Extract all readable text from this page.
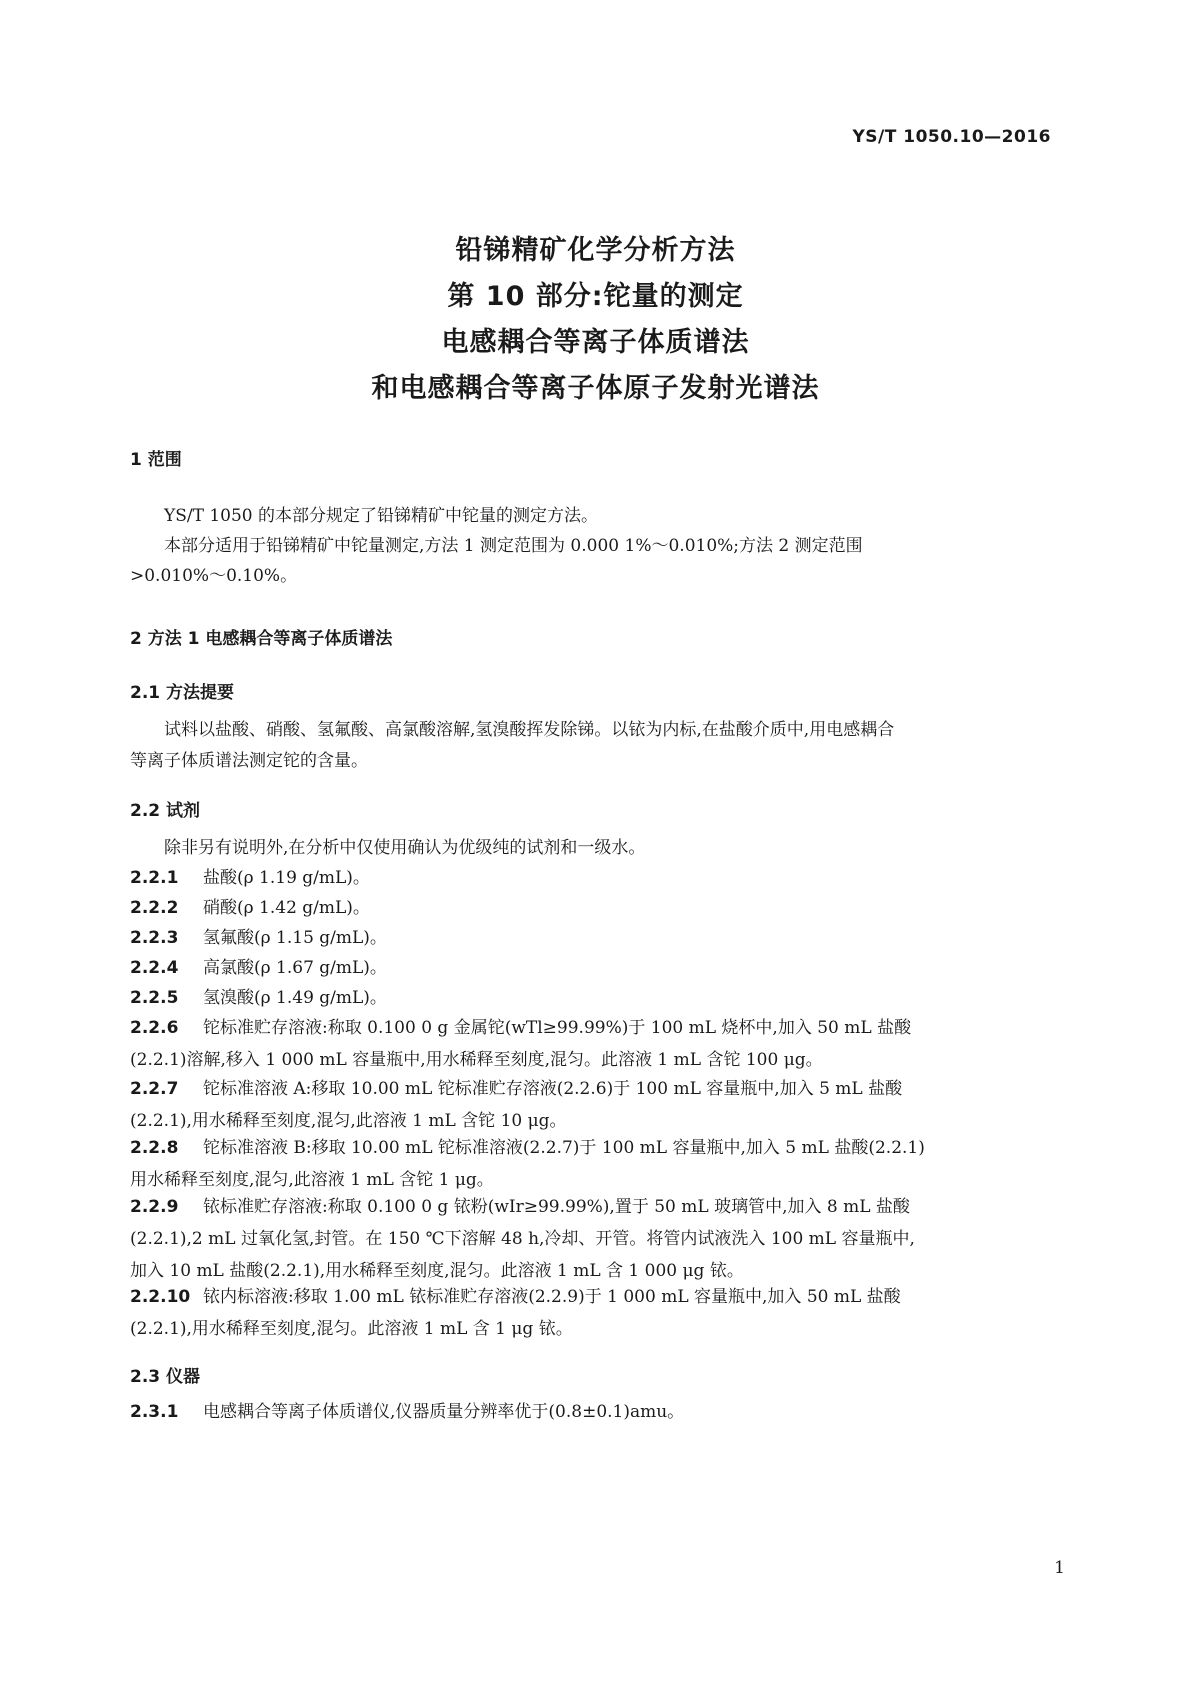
YS/T 1050.10—2016
铅锑精矿化学分析方法
第 10 部分:铊量的测定
电感耦合等离子体质谱法
和电感耦合等离子体原子发射光谱法
1 范围
YS/T 1050 的本部分规定了铅锑精矿中铊量的测定方法。
本部分适用于铅锑精矿中铊量测定,方法 1 测定范围为 0.000 1%～0.010%;方法 2 测定范围
>0.010%～0.10%。
2 方法 1 电感耦合等离子体质谱法
2.1 方法提要
试料以盐酸、硝酸、氢氟酸、高氯酸溶解,氢溴酸挥发除锑。以铱为内标,在盐酸介质中,用电感耦合
等离子体质谱法测定铊的含量。
2.2 试剂
除非另有说明外,在分析中仅使用确认为优级纯的试剂和一级水。
2.2.1 盐酸(ρ 1.19 g/mL)。
2.2.2 硝酸(ρ 1.42 g/mL)。
2.2.3 氢氟酸(ρ 1.15 g/mL)。
2.2.4 高氯酸(ρ 1.67 g/mL)。
2.2.5 氢溴酸(ρ 1.49 g/mL)。
2.2.6 铊标准贮存溶液:称取 0.100 0 g 金属铊(wTl≥99.99%)于 100 mL 烧杯中,加入 50 mL 盐酸
(2.2.1)溶解,移入 1 000 mL 容量瓶中,用水稀释至刻度,混匀。此溶液 1 mL 含铊 100 μg。
2.2.7 铊标准溶液 A:移取 10.00 mL 铊标准贮存溶液(2.2.6)于 100 mL 容量瓶中,加入 5 mL 盐酸
(2.2.1),用水稀释至刻度,混匀,此溶液 1 mL 含铊 10 μg。
2.2.8 铊标准溶液 B:移取 10.00 mL 铊标准溶液(2.2.7)于 100 mL 容量瓶中,加入 5 mL 盐酸(2.2.1)
用水稀释至刻度,混匀,此溶液 1 mL 含铊 1 μg。
2.2.9 铱标准贮存溶液:称取 0.100 0 g 铱粉(wIr≥99.99%),置于 50 mL 玻璃管中,加入 8 mL 盐酸
(2.2.1),2 mL 过氧化氢,封管。在 150 ℃下溶解 48 h,冷却、开管。将管内试液洗入 100 mL 容量瓶中,
加入 10 mL 盐酸(2.2.1),用水稀释至刻度,混匀。此溶液 1 mL 含 1 000 μg 铱。
2.2.10 铱内标溶液:移取 1.00 mL 铱标准贮存溶液(2.2.9)于 1 000 mL 容量瓶中,加入 50 mL 盐酸
(2.2.1),用水稀释至刻度,混匀。此溶液 1 mL 含 1 μg 铱。
2.3 仪器
2.3.1 电感耦合等离子体质谱仪,仪器质量分辨率优于(0.8±0.1)amu。
1
